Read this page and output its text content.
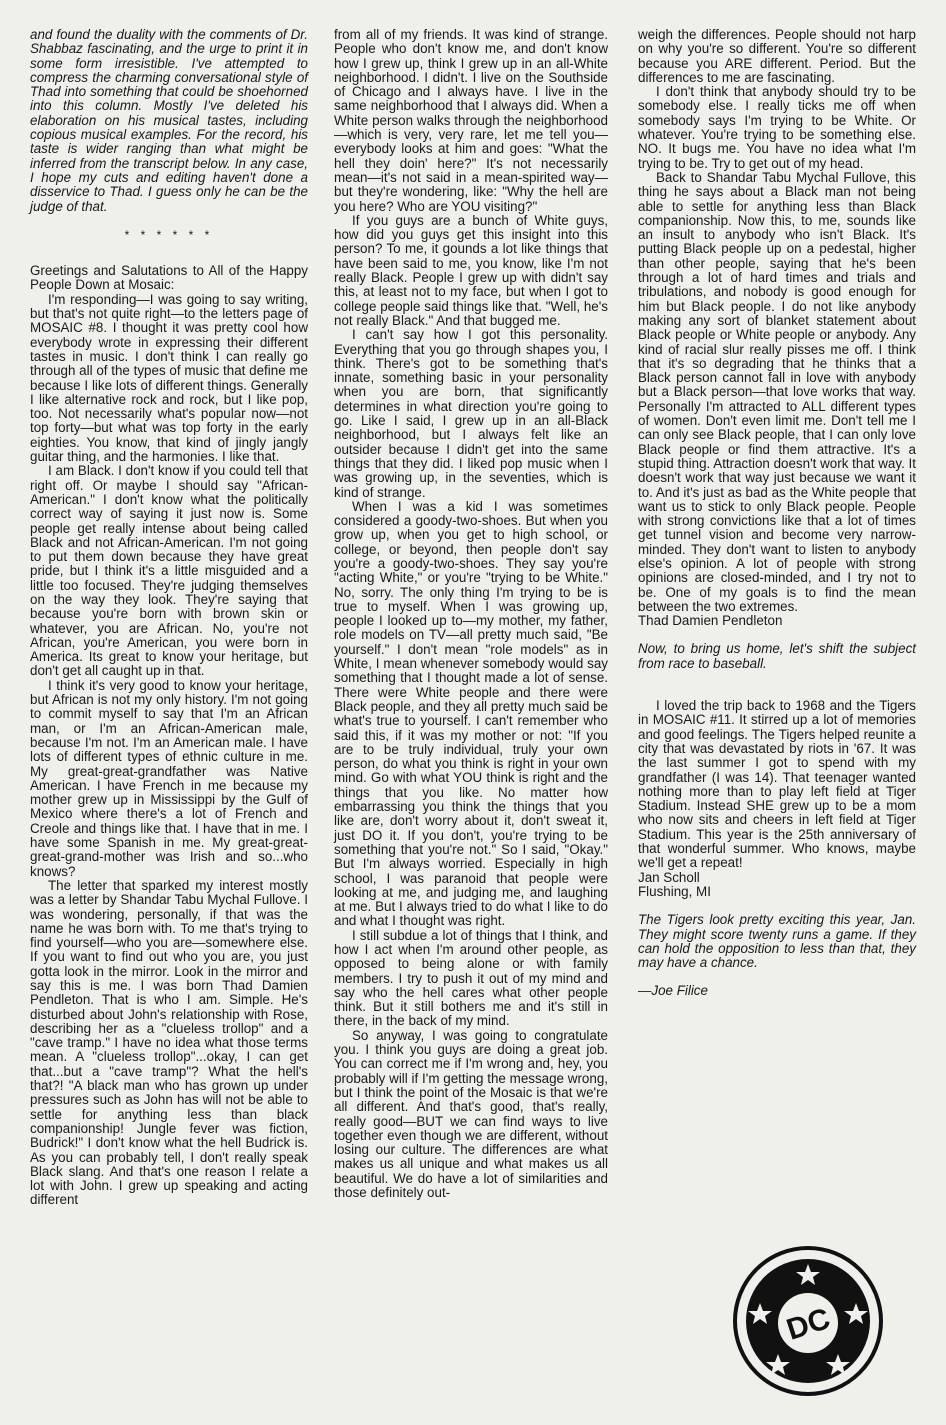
and found the duality with the comments of Dr. Shabbaz fascinating, and the urge to print it in some form irresistible. I've attempted to compress the charming conversational style of Thad into something that could be shoehorned into this column. Mostly I've deleted his elaboration on his musical tastes, including copious musical examples. For the record, his taste is wider ranging than what might be inferred from the transcript below. In any case, I hope my cuts and editing haven't done a disservice to Thad. I guess only he can be the judge of that.

* * * * * *

Greetings and Salutations to All of the Happy People Down at Mosaic:

I'm responding—I was going to say writing, but that's not quite right—to the letters page of MOSAIC #8. I thought it was pretty cool how everybody wrote in expressing their different tastes in music. I don't think I can really go through all of the types of music that define me because I like lots of different things. Generally I like alternative rock and rock, but I like pop, too. Not necessarily what's popular now—not top forty—but what was top forty in the early eighties. You know, that kind of jingly jangly guitar thing, and the harmonies. I like that.

I am Black. I don't know if you could tell that right off. Or maybe I should say "African-American." I don't know what the politically correct way of saying it just now is. Some people get really intense about being called Black and not African-American. I'm not going to put them down because they have great pride, but I think it's a little misguided and a little too focused. They're judging themselves on the way they look. They're saying that because you're born with brown skin or whatever, you are African. No, you're not African, you're American, you were born in America. Its great to know your heritage, but don't get all caught up in that.

I think it's very good to know your heritage, but African is not my only history. I'm not going to commit myself to say that I'm an African man, or I'm an African-American male, because I'm not. I'm an American male. I have lots of different types of ethnic culture in me. My great-great-grandfather was Native American. I have French in me because my mother grew up in Mississippi by the Gulf of Mexico where there's a lot of French and Creole and things like that. I have that in me. I have some Spanish in me. My great-great-great-grand-mother was Irish and so...who knows?

The letter that sparked my interest mostly was a letter by Shandar Tabu Mychal Fullove. I was wondering, personally, if that was the name he was born with. To me that's trying to find yourself—who you are—somewhere else. If you want to find out who you are, you just gotta look in the mirror. Look in the mirror and say this is me. I was born Thad Damien Pendleton. That is who I am. Simple. He's disturbed about John's relationship with Rose, describing her as a "clueless trollop" and a "cave tramp." I have no idea what those terms mean. A "clueless trollop"...okay, I can get that...but a "cave tramp"? What the hell's that?! "A black man who has grown up under pressures such as John has will not be able to settle for anything less than black companionship! Jungle fever was fiction, Budrick!" I don't know what the hell Budrick is. As you can probably tell, I don't really speak Black slang. And that's one reason I relate a lot with John. I grew up speaking and acting different

from all of my friends. It was kind of strange. People who don't know me, and don't know how I grew up, think I grew up in an all-White neighborhood. I didn't. I live on the Southside of Chicago and I always have. I live in the same neighborhood that I always did. When a White person walks through the neighborhood—which is very, very rare, let me tell you—everybody looks at him and goes: "What the hell they doin' here?" It's not necessarily mean—it's not said in a mean-spirited way—but they're wondering, like: "Why the hell are you here? Who are YOU visiting?"

If you guys are a bunch of White guys, how did you guys get this insight into this person? To me, it gounds a lot like things that have been said to me, you know, like I'm not really Black. People I grew up with didn't say this, at least not to my face, but when I got to college people said things like that. "Well, he's not really Black." And that bugged me.

I can't say how I got this personality. Everything that you go through shapes you, I think. There's got to be something that's innate, something basic in your personality when you are born, that significantly determines in what direction you're going to go. Like I said, I grew up in an all-Black neighborhood, but I always felt like an outsider because I didn't get into the same things that they did. I liked pop music when I was growing up, in the seventies, which is kind of strange.

When I was a kid I was sometimes considered a goody-two-shoes. But when you grow up, when you get to high school, or college, or beyond, then people don't say you're a goody-two-shoes. They say you're "acting White," or you're "trying to be White." No, sorry. The only thing I'm trying to be is true to myself. When I was growing up, people I looked up to—my mother, my father, role models on TV—all pretty much said, "Be yourself." I don't mean "role models" as in White, I mean whenever somebody would say something that I thought made a lot of sense. There were White people and there were Black people, and they all pretty much said be what's true to yourself. I can't remember who said this, if it was my mother or not: "If you are to be truly individual, truly your own person, do what you think is right in your own mind. Go with what YOU think is right and the things that you like. No matter how embarrassing you think the things that you like are, don't worry about it, don't sweat it, just DO it. If you don't, you're trying to be something that you're not." So I said, "Okay." But I'm always worried. Especially in high school, I was paranoid that people were looking at me, and judging me, and laughing at me. But I always tried to do what I like to do and what I thought was right.

I still subdue a lot of things that I think, and how I act when I'm around other people, as opposed to being alone or with family members. I try to push it out of my mind and say who the hell cares what other people think. But it still bothers me and it's still in there, in the back of my mind.

So anyway, I was going to congratulate you. I think you guys are doing a great job. You can correct me if I'm wrong and, hey, you probably will if I'm getting the message wrong, but I think the point of the Mosaic is that we're all different. And that's good, that's really, really good—BUT we can find ways to live together even though we are different, without losing our culture. The differences are what makes us all unique and what makes us all beautiful. We do have a lot of similarities and those definitely out-

weigh the differences. People should not harp on why you're so different. You're so different because you ARE different. Period. But the differences to me are fascinating.

I don't think that anybody should try to be somebody else. I really ticks me off when somebody says I'm trying to be White. Or whatever. You're trying to be something else. NO. It bugs me. You have no idea what I'm trying to be. Try to get out of my head.

Back to Shandar Tabu Mychal Fullove, this thing he says about a Black man not being able to settle for anything less than Black companionship. Now this, to me, sounds like an insult to anybody who isn't Black. It's putting Black people up on a pedestal, higher than other people, saying that he's been through a lot of hard times and trials and tribulations, and nobody is good enough for him but Black people. I do not like anybody making any sort of blanket statement about Black people or White people or anybody. Any kind of racial slur really pisses me off. I think that it's so degrading that he thinks that a Black person cannot fall in love with anybody but a Black person—that love works that way. Personally I'm attracted to ALL different types of women. Don't even limit me. Don't tell me I can only see Black people, that I can only love Black people or find them attractive. It's a stupid thing. Attraction doesn't work that way. It doesn't work that way just because we want it to. And it's just as bad as the White people that want us to stick to only Black people. People with strong convictions like that a lot of times get tunnel vision and become very narrow-minded. They don't want to listen to anybody else's opinion. A lot of people with strong opinions are closed-minded, and I try not to be. One of my goals is to find the mean between the two extremes.

Thad Damien Pendleton

Now, to bring us home, let's shift the subject from race to baseball.

I loved the trip back to 1968 and the Tigers in MOSAIC #11. It stirred up a lot of memories and good feelings. The Tigers helped reunite a city that was devastated by riots in '67. It was the last summer I got to spend with my grandfather (I was 14). That teenager wanted nothing more than to play left field at Tiger Stadium. Instead SHE grew up to be a mom who now sits and cheers in left field at Tiger Stadium. This year is the 25th anniversary of that wonderful summer. Who knows, maybe we'll get a repeat!

Jan Scholl

Flushing, MI

The Tigers look pretty exciting this year, Jan. They might score twenty runs a game. If they can hold the opposition to less than that, they may have a chance.

—Joe Filice

DC
